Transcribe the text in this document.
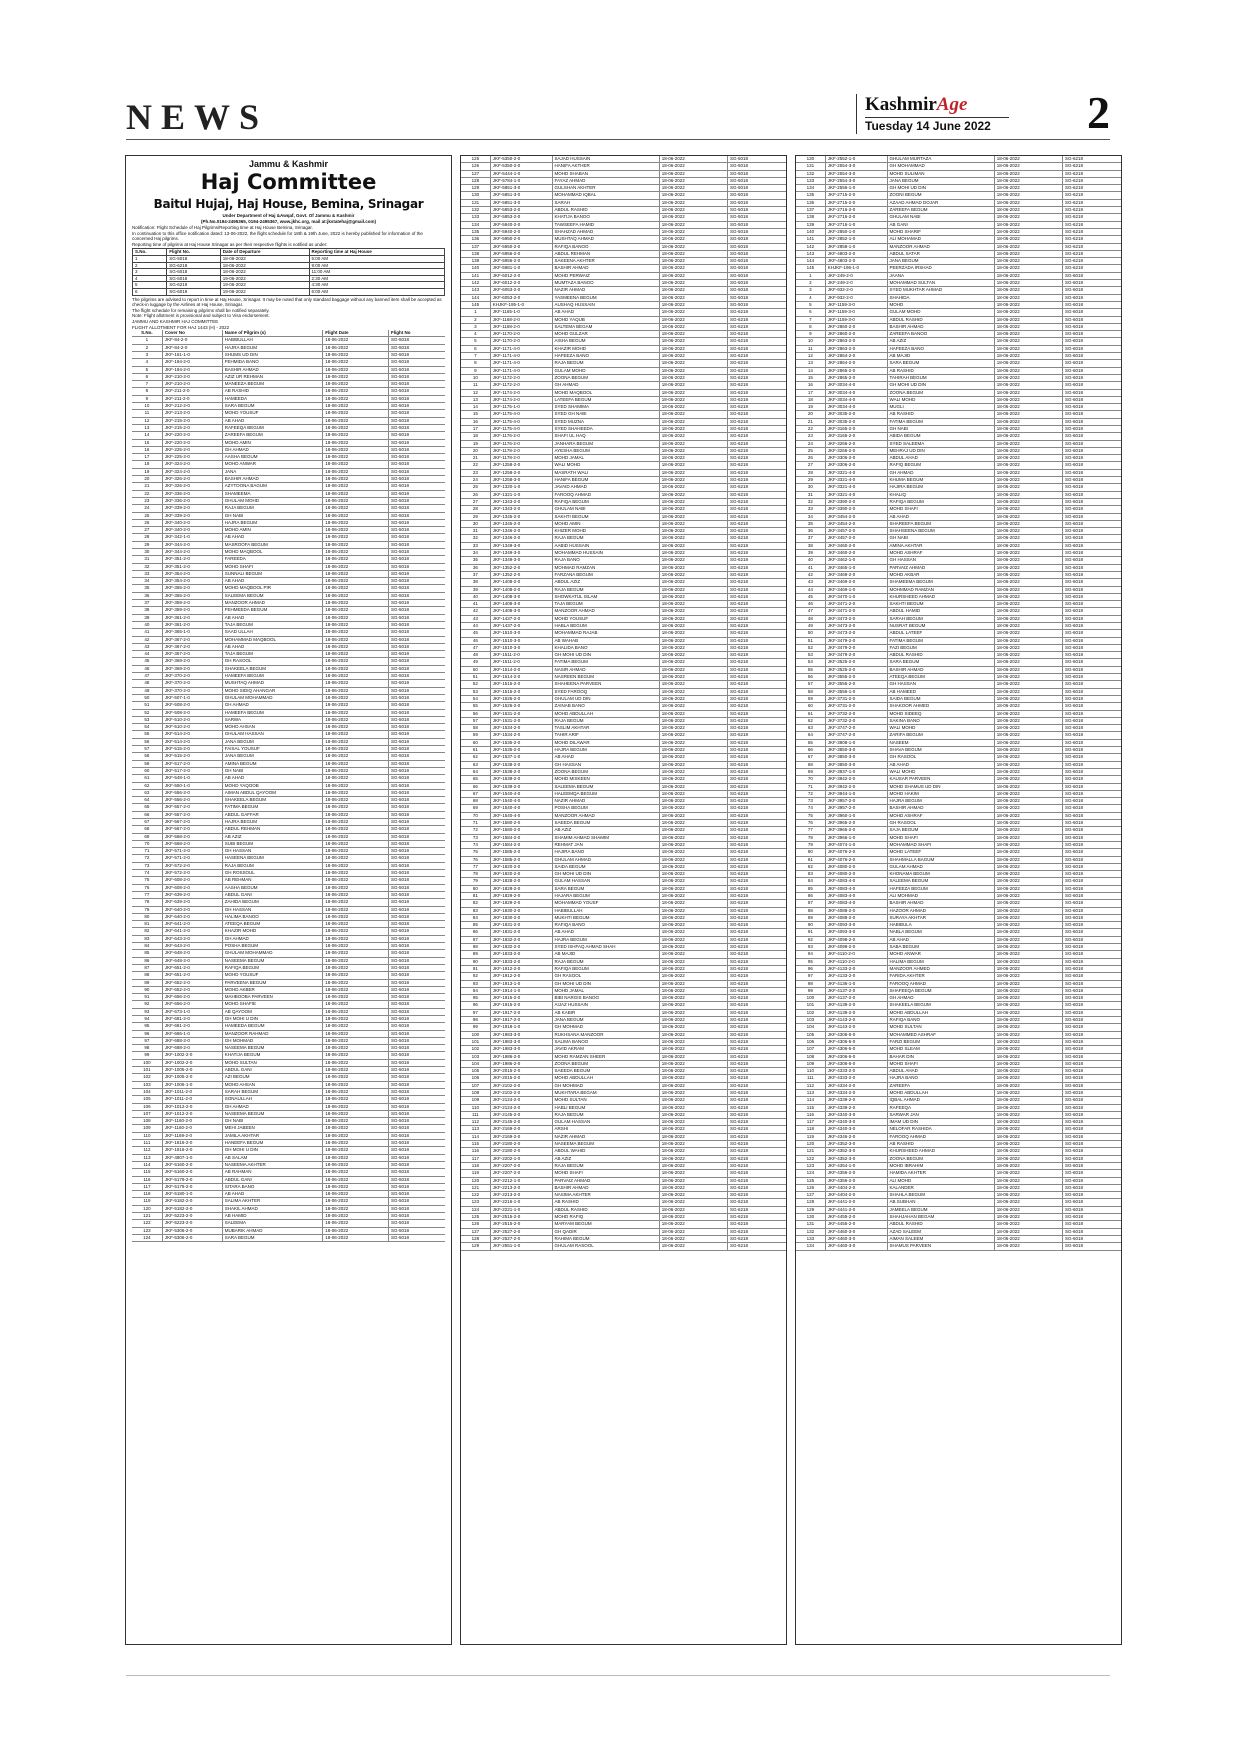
NEWS	KashmirAge
Tuesday 14 June 2022	2
Jammu & Kashmir
Haj Committee
Baitul Hujaj, Haj House, Bemina, Srinagar
Under Department of Haj &Awqaf, Govt. Of Jammu & Kashmir
(Ph.No.0194-2495365, 0194-2495367, www.jkhc.org, mail at:jkstatehaj@gmail.com)
Notification: Flight Schedule of Haj Pilgrims/Reporting time at Haj House Bemina, Srinagar.
In continuation to this office notification dated: 13-06-2022, the flight schedule for 18th & 19th June, 2022 is hereby published for information of the concerned Haj pilgrims.
Reporting time of pilgrims at Haj House Srinagar as per their respective flights is notified as under:
S.No.	Flight No.	Date of Departure	Reporting time at Haj House
1	SG-5018	18-06-2022	5:00 AM
2	SG-6218	18-06-2022	9:00 AM
3	SG-6018	18-06-2022	11:00 AM
4	SG-5018	19-06-2022	2:30 AM
5	SG-6219	19-06-2022	4:30 AM
6	SG-6019	19-06-2022	6:00 AM
The pilgrims are advised to report in time at Haj House, Srinagar. It may be noted that only standard baggage without any banned item shall be accepted as check-in luggage by the Airlines at Haj House, Srinagar.
The flight schedule for remaining pilgrims shall be notified separately.
Note: Flight allotment is provisional and subject to Visa endorsement.
JAMMU AND KASHMIR HAJ COMMITTEE
FLIGHT ALLOTMENT FOR HAJ 1443 (H) - 2022
S.No.	Cover No	Name of Pilgrim (s)	Flight Date	Flight No
1	JKF-84-2-0	HABIBULLAH	18-06-2022	SG-5018
2	JKF-84-2-0	HAJRA BEGUM	18-06-2022	SG-5018
3	JKF-161-1-0	SHUMS UD DIN	18-06-2022	SG-5018
4	JKF-194-2-0	FEHMIDA BANO	18-06-2022	SG-5018
5	JKF-194-2-0	BASHIR AHMAD	18-06-2022	SG-5018
6	JKF-210-2-0	AZIZ UR REHMAN	18-06-2022	SG-5018
7	JKF-210-2-0	MANEEZA BEGUM	18-06-2022	SG-5018
8	JKF-211-2-0	AB RASHID	18-06-2022	SG-5018
9	JKF-211-2-0	HAMEEDA	18-06-2022	SG-5018
10	JKF-212-2-0	SARA BEGUM	18-06-2022	SG-5018
11	JKF-213-2-0	MOHD YOUSUF	18-06-2022	SG-5018
12	JKF-215-2-0	AB AHAD	18-06-2022	SG-5018
13	JKF-215-2-0	RAFEEQA BEGUM	18-06-2022	SG-5018
14	JKF-220-2-0	ZAREEFA BEGUM	18-06-2022	SG-5018
15	JKF-220-2-0	MOHD AMIN	18-06-2022	SG-5018
16	JKF-225-2-0	GH AHMAD	18-06-2022	SG-5018
17	JKF-225-2-0	AASHA BEGUM	18-06-2022	SG-5018
18	JKF-324-2-0	MOHD ANWAR	18-06-2022	SG-5018
19	JKF-324-2-0	JANA	18-06-2022	SG-5018
20	JKF-326-2-0	BASHIR AHMAD	18-06-2022	SG-5018
21	JKF-326-2-0	AZYTOONA BAGUM	18-06-2022	SG-5018
22	JKF-336-2-0	SHAMEEMA	18-06-2022	SG-5018
23	JKF-336-2-0	GHULAM MOHD	18-06-2022	SG-5018
24	JKF-339-2-0	RAJA BEGUM	18-06-2022	SG-5018
25	JKF-339-2-0	GH NABI	18-06-2022	SG-5018
26	JKF-340-2-0	HAJRA BEGUM	18-06-2022	SG-5018
27	JKF-340-2-0	MOHD AMIN	18-06-2022	SG-5018
28	JKF-342-1-0	AB AHAD	18-06-2022	SG-5018
29	JKF-344-2-0	MASROOFA BEGUM	18-06-2022	SG-5018
30	JKF-344-2-0	MOHD MAQBOOL	18-06-2022	SG-5018
31	JKF-351-2-0	FAREEDA	18-06-2022	SG-5018
32	JKF-351-2-0	MOHD SHAFI	18-06-2022	SG-5018
33	JKF-354-2-0	SUNNALI BEGUM	18-06-2022	SG-5018
34	JKF-354-2-0	AB AHAD	18-06-2022	SG-5018
35	JKF-355-2-0	MOHD MAQBOOL PIR	18-06-2022	SG-5018
36	JKF-355-2-0	SALEEMA BEGUM	18-06-2022	SG-5018
37	JKF-359-2-0	MANZOOR AHMAD	18-06-2022	SG-5018
38	JKF-359-2-0	FEHMEEDA BEGUM	18-06-2022	SG-5018
39	JKF-361-2-0	AB AHAD	18-06-2022	SG-5018
40	JKF-361-2-0	TAJA BEGUM	18-06-2022	SG-5018
41	JKF-365-1-0	SAAD ULLAH	18-06-2022	SG-5018
42	JKF-367-2-0	MOHAMMAD MAQBOOL	18-06-2022	SG-5018
43	JKF-367-2-0	AB AHAD	18-06-2022	SG-5018
44	JKF-367-2-0	TAJA BEGUM	18-06-2022	SG-5018
45	JKF-369-2-0	GH RASOOL	18-06-2022	SG-5018
46	JKF-369-2-0	SHAKEELA BEGUM	18-06-2022	SG-5018
47	JKF-370-2-0	HAMEEFA BEGUM	18-06-2022	SG-5018
48	JKF-370-2-0	MUSHTAQ AHMAD	18-06-2022	SG-5018
49	JKF-370-2-0	MOHD SIDIQ AHANGAR	18-06-2022	SG-5018
50	JKF-507-1-0	GHULAM MOHAMMAD	18-06-2022	SG-5018
51	JKF-508-2-0	GH AHMAD	18-06-2022	SG-5018
52	JKF-508-2-0	HAMEEFA BEGUM	18-06-2022	SG-5018
53	JKF-510-2-0	SARWA	18-06-2022	SG-5018
54	JKF-510-2-0	MOHD AHSAN	18-06-2022	SG-5018
55	JKF-514-2-0	GHULAM HASSAN	18-06-2022	SG-5018
56	JKF-514-2-0	JANA BEGUM	18-06-2022	SG-5018
57	JKF-515-2-0	FAISAL YOUSUF	18-06-2022	SG-5018
58	JKF-515-2-0	JANA BEGUM	18-06-2022	SG-5018
59	JKF-517-2-0	AMINA BEGUM	18-06-2022	SG-5018
60	JKF-517-2-0	GH NABI	18-06-2022	SG-5018
61	JKF-548-1-0	AB AHAD	18-06-2022	SG-5018
62	JKF-550-1-0	MOHD YAQOOB	18-06-2022	SG-5018
63	JKF-556-2-0	AIMAN ABDUL QAYOOM	18-06-2022	SG-5018
64	JKF-556-2-0	SHAKEELA BEGUM	18-06-2022	SG-5018
65	JKF-557-2-0	FATIMA BEGUM	18-06-2022	SG-5018
66	JKF-557-2-0	ABDUL GAFFAR	18-06-2022	SG-5018
67	JKF-567-2-0	HAJRA BEGUM	18-06-2022	SG-5018
68	JKF-567-2-0	ABDUL REHMAN	18-06-2022	SG-5018
69	JKF-568-2-0	AB AZIZ	18-06-2022	SG-5018
70	JKF-568-2-0	SUBI BEGUM	18-06-2022	SG-5018
71	JKF-571-2-0	GH HASSAN	18-06-2022	SG-5018
72	JKF-571-2-0	HASEENA BEGUM	18-06-2022	SG-5018
73	JKF-572-2-0	RAJA BEGUM	18-06-2022	SG-5018
74	JKF-572-2-0	GH ROSSOUL	18-06-2022	SG-5018
75	JKF-608-2-0	AB REHMAN	18-06-2022	SG-5018
76	JKF-608-2-0	AASHA BEGUM	18-06-2022	SG-5018
77	JKF-639-2-0	ABDUL GANI	18-06-2022	SG-5018
78	JKF-639-2-0	ZAHIDA BEGUM	18-06-2022	SG-5018
79	JKF-640-2-0	GH HASSAN	18-06-2022	SG-5018
80	JKF-640-2-0	HALIMA BANOO	18-06-2022	SG-5018
81	JKF-641-2-0	ATEEQA BEGUM	18-06-2022	SG-5018
82	JKF-641-2-0	KHAZIR MOHD	18-06-2022	SG-5018
83	JKF-643-2-0	GH AHMAD	18-06-2022	SG-5018
84	JKF-643-2-0	POSHA BEGUM	18-06-2022	SG-5018
85	JKF-648-2-0	GHULAM MOHAMMAD	18-06-2022	SG-5018
86	JKF-648-2-0	NASEEMA BEGUM	18-06-2022	SG-5018
87	JKF-651-2-0	RAFIQA BEGUM	18-06-2022	SG-5018
88	JKF-651-2-0	MOHD YOUSUF	18-06-2022	SG-5018
89	JKF-652-2-0	PARVEENA BEGUM	18-06-2022	SG-5018
90	JKF-652-2-0	MOHD AKBER	18-06-2022	SG-5018
91	JKF-656-2-0	MAHBOOBA PARVEEN	18-06-2022	SG-5018
92	JKF-656-2-0	MOHD SHAFIE	18-06-2022	SG-5018
93	JKF-673-1-0	AB QAYOOM	18-06-2022	SG-5018
94	JKF-681-2-0	GH MOHI U DIN	18-06-2022	SG-5018
95	JKF-681-2-0	HAMEEDA BEGUM	18-06-2022	SG-5018
96	JKF-686-1-0	MANZOOR RAHMAD	18-06-2022	SG-5018
97	JKF-688-2-0	GH MOHMAD	18-06-2022	SG-5018
98	JKF-688-2-0	NASEEMA BEGUM	18-06-2022	SG-5018
99	JKF-1002-2-0	KHATIJA BEGUM	18-06-2022	SG-5018
100	JKF-1002-2-0	MOHD SULTAN	18-06-2022	SG-5018
101	JKF-1005-2-0	ABDUL GANI	18-06-2022	SG-5018
102	JKF-1005-2-0	AZI BEGUM	18-06-2022	SG-5018
103	JKF-1006-1-0	MOHD AHSAN	18-06-2022	SG-5018
104	JKF-1011-2-0	SARAH BEGUM	18-06-2022	SG-5018
105	JKF-1011-2-0	SONAULLAH	18-06-2022	SG-5018
106	JKF-1012-2-0	GH AHMAD	18-06-2022	SG-5018
107	JKF-1012-2-0	NASEEMA BEGUM	18-06-2022	SG-5018
108	JKF-1160-2-0	GH NABI	18-06-2022	SG-5018
109	JKF-1160-2-0	MEHI JABEEN	18-06-2022	SG-5018
110	JKF-1169-2-0	JAMILA AKHTAR	18-06-2022	SG-5018
111	JKF-1816-2-0	HANEEFA BEGUM	18-06-2022	SG-5018
112	JKF-1816-2-0	GH MOHI U DIN	18-06-2022	SG-5018
113	JKF-4807-1-0	AB SALAM	18-06-2022	SG-5018
114	JKF-5160-2-0	NASEEMA AKHTER	18-06-2022	SG-5018
115	JKF-5160-2-0	AB RAHMAN	18-06-2022	SG-5018
116	JKF-5179-2-0	ABDUL GANI	18-06-2022	SG-5018
117	JKF-5179-2-0	SITARA BANO	18-06-2022	SG-5018
118	JKF-5180-1-0	AB AHAD	18-06-2022	SG-5018
119	JKF-5182-2-0	SALIMA AKHTER	18-06-2022	SG-5018
120	JKF-5182-2-0	SHAKIL AHMAD	18-06-2022	SG-5018
121	JKF-5223-2-0	AB HAMID	18-06-2022	SG-5018
122	JKF-5223-2-0	SALEEMA	18-06-2022	SG-5018
123	JKF-5306-2-0	MUBARIK AHMAD	18-06-2022	SG-5018
124	JKF-5306-2-0	SARA BEGUM	18-06-2022	SG-5018
125	JKF-5350-2-0	SAJAD HUSSAIN	18-06-2022	SG-5018
126	JKF-5350-2-0	HANIFA AKTHER	18-06-2022	SG-5018
127	JKF-5444-1-0	MOHD SHABAN	18-06-2022	SG-5018
128	JKF-5784-1-0	FAYAZ AHMAD	18-06-2022	SG-5018
129	JKF-5851-3-0	GULSHAN AKHTER	18-06-2022	SG-5018
130	JKF-5851-3-0	MOHAMMAD IQBAL	18-06-2022	SG-5018
131	JKF-5851-3-0	SARAH	18-06-2022	SG-5018
132	JKF-5853-2-0	ABDUL RASHID	18-06-2022	SG-5018
133	JKF-5853-2-0	KHATIJA BANOO	18-06-2022	SG-5018
134	JKF-5940-2-0	TAWSEEFA HAMID	18-06-2022	SG-5018
135	JKF-5940-2-0	SHAHZAD AHMAD	18-06-2022	SG-5018
136	JKF-5950-2-0	MUSHTAQ AHMAD	18-06-2022	SG-5018
137	JKF-5950-2-0	RAFIQA BANOO	18-06-2022	SG-5018
138	JKF-5956-2-0	ABDUL REHMAN	18-06-2022	SG-5018
139	JKF-5956-2-0	SAKEENA AKHTER	18-06-2022	SG-5018
140	JKF-5981-1-0	BASHIR AHMAD	18-06-2022	SG-5018
141	JKF-6012-2-0	MOHD PERWAIZ	18-06-2022	SG-5018
142	JKF-6012-2-0	MUMTAZA BANOO	18-06-2022	SG-5018
143	JKF-6053-2-0	NAZIR AHMAD	18-06-2022	SG-5018
144	JKF-6053-2-0	YASMEENA BEGUM	18-06-2022	SG-5018
145	KHJKF-195-1-0	AUSHAQ HUSSAIN	18-06-2022	SG-5018
1	JKF-1165-1-0	AB AHAD	18-06-2022	SG-6218
2	JKF-1168-2-0	MOHD YAQUB	18-06-2022	SG-6218
3	JKF-1168-2-0	SALTEMA BEGAM	18-06-2022	SG-6218
4	JKF-1170-2-0	MOHD GULZAR	18-06-2022	SG-6218
5	JKF-1170-2-0	AISHA BEGUM	18-06-2022	SG-6218
6	JKF-1171-4-0	KHAZIR MOHD	18-06-2022	SG-6218
7	JKF-1171-4-0	HAFEEZA BANO	18-06-2022	SG-6218
8	JKF-1171-4-0	RAJA BEGUM	18-06-2022	SG-6218
9	JKF-1171-4-0	GULAM MOHD	18-06-2022	SG-6218
10	JKF-1172-2-0	ZOONA BEGUM	18-06-2022	SG-6218
11	JKF-1172-2-0	GH AHMAD	18-06-2022	SG-6218
12	JKF-1174-2-0	MOHD MAQBOOL	18-06-2022	SG-6218
13	JKF-1174-2-0	LATEEFA BEGUM	18-06-2022	SG-6218
14	JKF-1175-1-0	SYED SHAMIMA	18-06-2022	SG-6218
15	JKF-1175-4-0	SYED GH NABI	18-06-2022	SG-6218
16	JKF-1175-4-0	SYED MUZNA	18-06-2022	SG-6218
17	JKF-1175-4-0	SYED SHAHEEDA	18-06-2022	SG-6218
18	JKF-1176-2-0	SHAFI UL HAQ	18-06-2022	SG-6218
19	JKF-1176-2-0	JANHARA BEGUM	18-06-2022	SG-6218
20	JKF-1178-2-0	AYESHA BEGUM	18-06-2022	SG-6218
21	JKF-1178-2-0	MOHD JAMAL	18-06-2022	SG-6218
22	JKF-1258-2-0	WALI MOHD	18-06-2022	SG-6218
23	JKF-1258-2-0	MASRATH WALI	18-06-2022	SG-6218
24	JKF-1258-3-0	HANIFA BEGUM	18-06-2022	SG-6218
25	JKF-1320-1-0	JAVAID AHMAD	18-06-2022	SG-6218
26	JKF-1321-1-0	FAROOQ AHMAD	18-06-2022	SG-6218
27	JKF-1343-2-0	RAFIQA BEGUM	18-06-2022	SG-6218
28	JKF-1343-2-0	GHULAM NABI	18-06-2022	SG-6218
29	JKF-1345-2-0	SAKHTI BEGUM	18-06-2022	SG-6218
30	JKF-1345-2-0	MOHD AMIN	18-06-2022	SG-6218
31	JKF-1346-2-0	KHIZER MOHD	18-06-2022	SG-6218
32	JKF-1346-2-0	RAJA BEGUM	18-06-2022	SG-6218
33	JKF-1349-3-0	AABID HUSSAIN	18-06-2022	SG-6218
34	JKF-1349-3-0	MOHAMMAD HUSSAIN	18-06-2022	SG-6218
35	JKF-1349-3-0	RAJA BANO	18-06-2022	SG-6218
36	JKF-1352-2-0	MOHMAD RAMZAN	18-06-2022	SG-6218
37	JKF-1352-2-0	FARZANA BEGUM	18-06-2022	SG-6218
38	JKF-1408-2-0	ABDUL AZIZ	18-06-2022	SG-6218
39	JKF-1408-2-0	RAJA BEGUM	18-06-2022	SG-6218
40	JKF-1408-3-0	SHOWKATUL ISLAM	18-06-2022	SG-6218
41	JKF-1408-3-0	TAJA BEGUM	18-06-2022	SG-6218
42	JKF-1408-3-0	MANZOOR AHMAD	18-06-2022	SG-6218
43	JKF-1437-2-0	MOHD YOUSUF	18-06-2022	SG-6218
44	JKF-1437-2-0	HABLA BEGUM	18-06-2022	SG-6218
45	JKF-1510-3-0	MOHAMMAD RAJAB	18-06-2022	SG-6218
46	JKF-1510-3-0	AB WAHAB	18-06-2022	SG-6218
47	JKF-1510-3-0	KHALIDA BANO	18-06-2022	SG-6218
48	JKF-1511-2-0	GH MOHI UD DIN	18-06-2022	SG-6218
49	JKF-1511-2-0	FATIMA BEGUM	18-06-2022	SG-6218
50	JKF-1514-2-0	NASIR AHMAD	18-06-2022	SG-6218
51	JKF-1514-2-0	NASREEN BEGUM	18-06-2022	SG-6218
52	JKF-1515-2-0	SHAHEENA PARVEEN	18-06-2022	SG-6218
53	JKF-1515-2-0	SYED FAROOQ	18-06-2022	SG-6218
54	JKF-1526-2-0	GHULAM UD DIN	18-06-2022	SG-6218
55	JKF-1526-2-0	ZAINAB BANO	18-06-2022	SG-6218
56	JKF-1531-2-0	MOHD ABDULLAH	18-06-2022	SG-6218
57	JKF-1531-2-0	RAJA BEGUM	18-06-2022	SG-6218
58	JKF-1534-2-0	TASLIM AKHTAR	18-06-2022	SG-6218
59	JKF-1534-2-0	TAHIR ARIF	18-06-2022	SG-6218
60	JKF-1535-2-0	MOHD DILAWAR	18-06-2022	SG-6218
61	JKF-1535-2-0	HAJRA BEGUM	18-06-2022	SG-6218
62	JKF-1537-1-0	AB AHAD	18-06-2022	SG-6218
63	JKF-1538-2-0	GH HASSAN	18-06-2022	SG-6218
64	JKF-1538-2-0	ZOONA BEGUM	18-06-2022	SG-6218
65	JKF-1539-2-0	MOHD MISKEEN	18-06-2022	SG-6218
66	JKF-1539-2-0	SALEEMA BEGUM	18-06-2022	SG-6218
67	JKF-1540-4-0	HALEEMQA BEGUM	18-06-2022	SG-6218
68	JKF-1540-4-0	NAZIR AHMAD	18-06-2022	SG-6218
69	JKF-1540-4-0	POSHA BEGUM	18-06-2022	SG-6218
70	JKF-1540-4-0	MANZOOR AHMAD	18-06-2022	SG-6218
71	JKF-1580-2-0	SAEEDA BEGUM	18-06-2022	SG-6218
72	JKF-1580-2-0	AB AZIZ	18-06-2022	SG-6218
73	JKF-1584-2-0	SHAMIM AHMAD SHAMIM	18-06-2022	SG-6218
74	JKF-1584-2-0	REHMAT JAN	18-06-2022	SG-6218
75	JKF-1585-2-0	HAJIRA BANO	18-06-2022	SG-6218
76	JKF-1585-2-0	GHULAM AHMAD	18-06-2022	SG-6218
77	JKF-1820-2-0	SAIDA BEGUM	18-06-2022	SG-6218
78	JKF-1820-2-0	GH MOHI UD DIN	18-06-2022	SG-6218
79	JKF-1828-2-0	GULAM HASSAN	18-06-2022	SG-6218
80	JKF-1828-2-0	SARA BEGUM	18-06-2022	SG-6218
81	JKF-1829-2-0	HAJARA BEGUM	18-06-2022	SG-6218
82	JKF-1829-2-0	MOHAMMAD YOUSF	18-06-2022	SG-6218
83	JKF-1830-2-0	HABIBULLAH	18-06-2022	SG-6218
84	JKF-1830-2-0	MUKHTI BEGUM	18-06-2022	SG-6218
85	JKF-1831-2-0	RAFIQA BANO	18-06-2022	SG-6218
86	JKF-1831-2-0	AB AHAD	18-06-2022	SG-6218
87	JKF-1832-2-0	HAJRA BEGUM	18-06-2022	SG-6218
88	JKF-1832-2-0	SYED ISHFAQ AHMAD SHAH	18-06-2022	SG-6218
89	JKF-1833-2-0	AB MAJID	18-06-2022	SG-6218
90	JKF-1833-2-0	RAJA BEGUM	18-06-2022	SG-6218
91	JKF-1912-2-0	RAFIQA BEGUM	18-06-2022	SG-6218
92	JKF-1912-2-0	GH RASOOL	18-06-2022	SG-6218
93	JKF-1913-1-0	GH MOHI UD DIN	18-06-2022	SG-6218
94	JKF-1914-1-0	MOHD JAMAL	18-06-2022	SG-6218
95	JKF-1915-2-0	BIBI NARGIS BANOO	18-06-2022	SG-6218
96	JKF-1915-2-0	AIJAZ HUSSAIN	18-06-2022	SG-6218
97	JKF-1917-2-0	AB KABIR	18-06-2022	SG-6218
98	JKF-1917-2-0	JANA BEGUM	18-06-2022	SG-6218
99	JKF-1918-1-0	GH MOHMAD	18-06-2022	SG-6218
100	JKF-1983-3-0	RUKHSANA MANZOOR	18-06-2022	SG-6218
101	JKF-1983-3-0	SALIMA BANOO	18-06-2022	SG-6218
102	JKF-1983-3-0	JAVID AKRAM	18-06-2022	SG-6218
103	JKF-1986-2-0	MOHD RAMZAN SHEER	18-06-2022	SG-6218
104	JKF-1986-2-0	ZOONA BEGUM	18-06-2022	SG-6218
105	JKF-2015-2-0	SAEEDA BEGUM	18-06-2022	SG-6218
106	JKF-2015-2-0	MOHD ABDULLAH	18-06-2022	SG-6218
107	JKF-2102-2-0	GH MOHMAD	18-06-2022	SG-6218
108	JKF-2102-2-0	MUKHTARA BEGAM	18-06-2022	SG-6218
109	JKF-2124-2-0	MOHD SULTAN	18-06-2022	SG-6218
110	JKF-2124-2-0	HABLI BEGUM	18-06-2022	SG-6218
111	JKF-2145-2-0	RAJA BEGUM	18-06-2022	SG-6218
112	JKF-2145-2-0	GULAM HASSAN	18-06-2022	SG-6218
113	JKF-2169-2-0	ARSHI	18-06-2022	SG-6218
114	JKF-2169-2-0	NAZIR AHMAD	18-06-2022	SG-6218
115	JKF-2180-2-0	NASEEMA BEGUM	18-06-2022	SG-6218
116	JKF-2180-2-0	ABDUL WAHID	18-06-2022	SG-6218
117	JKF-2202-1-0	AB AZIZ	18-06-2022	SG-6218
118	JKF-2207-2-0	RAJA BEGUM	18-06-2022	SG-6218
119	JKF-2207-2-0	MOHD SHAFI	18-06-2022	SG-6218
120	JKF-2212-1-0	PARVAIZ AHMAD	18-06-2022	SG-6218
121	JKF-2213-2-0	BASHIR AHMAD	18-06-2022	SG-6218
122	JKF-2213-2-0	NASIMA AKHTER	18-06-2022	SG-6218
123	JKF-2216-1-0	AB RASHID	18-06-2022	SG-6218
124	JKF-2221-1-0	ABDUL RASHID	18-06-2022	SG-6218
125	JKF-2515-2-0	MOHD RAFIQ	18-06-2022	SG-6218
126	JKF-2515-2-0	MARYAM BEGUM	18-06-2022	SG-6218
127	JKF-2527-2-0	GH QADIR	18-06-2022	SG-6218
128	JKF-2527-2-0	RAHIMA BEGUM	18-06-2022	SG-6218
129	JKF-2551-1-0	GHULAM RASOOL	18-06-2022	SG-6218
130	JKF-2552-1-0	GHULAM MURTAZA	18-06-2022	SG-6218
131	JKF-2554-3-0	GH MOHAMMAD	18-06-2022	SG-6218
132	JKF-2554-3-0	MOHD SULIMAN	18-06-2022	SG-6218
133	JKF-2554-3-0	JANA BEGUM	18-06-2022	SG-6218
134	JKF-2556-1-0	GH MOHI UD DIN	18-06-2022	SG-6218
135	JKF-2715-2-0	ZOONI BEGUM	18-06-2022	SG-6218
136	JKF-2715-2-0	AZAAD AHMAD DOJAR	18-06-2022	SG-6218
137	JKF-2716-2-0	ZAREEFA BEGUM	18-06-2022	SG-6218
138	JKF-2716-2-0	GHULAM NABI	18-06-2022	SG-6218
139	JKF-2716-1-0	AB GANI	18-06-2022	SG-6218
140	JKF-2850-1-0	MOHD SHARIF	18-06-2022	SG-6218
141	JKF-2852-1-0	ALI MOHAMAD	18-06-2022	SG-6218
142	JKF-2858-1-0	MANZOOR AHMAD	18-06-2022	SG-6218
143	JKF-4803-2-0	ABDUL SATAR	18-06-2022	SG-6218
144	JKF-4803-2-0	JANA BEGUM	18-06-2022	SG-6218
145	KHJKF-196-1-0	PEERZADA IRSHAD	18-06-2022	SG-6218
1	JKF-249-2-0	JAANA	18-06-2022	SG-6018
2	JKF-249-2-0	MOHAMMAD SULTAN	18-06-2022	SG-6018
3	JKF-932-2-0	SYED MUKHTAR AHMAD	18-06-2022	SG-6018
4	JKF-932-2-0	SHAHIDA	18-06-2022	SG-6018
5	JKF-1159-3-0	MOHD	18-06-2022	SG-6018
6	JKF-1159-3-0	GULAM MOHD	18-06-2022	SG-6018
7	JKF-1159-3-0	ABDUL RASHID	18-06-2022	SG-6018
8	JKF-2860-2-0	BASHIR AHMAD	18-06-2022	SG-6018
9	JKF-2860-2-0	ZAREEFA BANOO	18-06-2022	SG-6018
10	JKF-2863-2-0	AB AZIZ	18-06-2022	SG-6018
11	JKF-2863-2-0	HAFEEZA BANO	18-06-2022	SG-6018
12	JKF-2864-2-0	AB MAJID	18-06-2022	SG-6018
13	JKF-2864-2-0	SARA BEGUM	18-06-2022	SG-6018
14	JKF-2865-2-0	AB RASHID	18-06-2022	SG-6018
15	JKF-2865-2-0	TAHIRAH BEGUM	18-06-2022	SG-6018
16	JKF-3034-4-0	GH MOHI UD DIN	18-06-2022	SG-6018
17	JKF-3034-4-0	ZOONA BEGUM	18-06-2022	SG-6018
18	JKF-3034-4-0	WALI MOHD	18-06-2022	SG-6018
19	JKF-3034-4-0	MUGLI	18-06-2022	SG-6018
20	JKF-3035-2-0	AB RASHID	18-06-2022	SG-6018
21	JKF-3035-2-0	FATIMA BEGUM	18-06-2022	SG-6018
22	JKF-3165-2-0	GH NABI	18-06-2022	SG-6018
23	JKF-3165-2-0	ABIDA BEGUM	18-06-2022	SG-6018
24	JKF-3266-2-0	SYED SALEEMA	18-06-2022	SG-6018
25	JKF-3266-2-0	MEHRAJ UD DIN	18-06-2022	SG-6018
26	JKF-3306-2-0	ABDUL AHAD	18-06-2022	SG-6018
27	JKF-3306-2-0	RAFIQ BEGUM	18-06-2022	SG-6018
28	JKF-3321-4-0	GH AHMAD	18-06-2022	SG-6018
29	JKF-3321-4-0	KHUMA BEGUM	18-06-2022	SG-6018
30	JKF-3321-4-0	HAJIRA BEGUM	18-06-2022	SG-6018
31	JKF-3321-4-0	KHALIQ	18-06-2022	SG-6018
32	JKF-3390-2-0	RAFIQA BEGUM	18-06-2022	SG-6018
33	JKF-3390-2-0	MOHD SHAFI	18-06-2022	SG-6018
34	JKF-3454-2-0	AB AHAD	18-06-2022	SG-6018
35	JKF-3454-2-0	SHAREEFA BEGUM	18-06-2022	SG-6018
36	JKF-3457-2-0	SHAHSEENA BEGUM	18-06-2022	SG-6018
37	JKF-3457-2-0	GH NABI	18-06-2022	SG-6018
38	JKF-3460-2-0	AMINA AKHTAR	18-06-2022	SG-6018
39	JKF-3460-2-0	MOHD ASHRAF	18-06-2022	SG-6018
40	JKF-3462-1-0	GH HASSAN	18-06-2022	SG-6018
41	JKF-3465-1-0	PARVAIZ AHMAD	18-06-2022	SG-6018
42	JKF-3469-2-0	MOHD AKBAR	18-06-2022	SG-6018
43	JKF-3469-2-0	SHAMEEMA BEGUM	18-06-2022	SG-6018
44	JKF-3469-1-0	MOHMMAD RAMZAN	18-06-2022	SG-6018
45	JKF-3470-1-0	KHURSHEED AHMAD	18-06-2022	SG-6018
46	JKF-3471-2-0	SAKHTI BEGUM	18-06-2022	SG-6018
47	JKF-3471-2-0	ABDUL HAMID	18-06-2022	SG-6018
48	JKF-3473-2-0	SARAH BEGUM	18-06-2022	SG-6018
49	JKF-3473-2-0	NUSRAT BEGUM	18-06-2022	SG-6018
50	JKF-3473-2-0	ABDUL LATEEF	18-06-2022	SG-6018
51	JKF-3479-2-0	FATIMA BEGUM	18-06-2022	SG-6018
52	JKF-3479-2-0	FAZI BEGUM	18-06-2022	SG-6018
53	JKF-3479-2-0	ABDUL RASHID	18-06-2022	SG-6018
54	JKF-3525-2-0	SARA BEGUM	18-06-2022	SG-6018
55	JKF-3525-2-0	BASHIR AHMAD	18-06-2022	SG-6018
56	JKF-3555-2-0	ATEEQA BEGUM	18-06-2022	SG-6018
57	JKF-3555-2-0	GH HASSAN	18-06-2022	SG-6018
58	JKF-3556-1-0	AB HAMEED	18-06-2022	SG-6018
59	JKF-3731-2-0	SAIDA BEGUM	18-06-2022	SG-6018
60	JKF-3731-2-0	SHAKOOR AHMED	18-06-2022	SG-6018
61	JKF-3732-2-0	MOHD SIDEEQ	18-06-2022	SG-6018
62	JKF-3732-2-0	SAKINA BANO	18-06-2022	SG-6018
63	JKF-3747-2-0	WALI MOHD	18-06-2022	SG-6018
64	JKF-3747-2-0	ZARIFA BEGUM	18-06-2022	SG-6018
65	JKF-3808-1-0	NASEEM	18-06-2022	SG-6018
66	JKF-3850-3-0	SHAVA BEGUM	18-06-2022	SG-6018
67	JKF-3850-3-0	GH RASOOL	18-06-2022	SG-6018
68	JKF-3850-3-0	AB AHAD	18-06-2022	SG-6018
69	JKF-3937-1-0	WALI MOHD	18-06-2022	SG-6018
70	JKF-3942-2-0	KAUSAR PARVEEN	18-06-2022	SG-6018
71	JKF-3942-2-0	MOHD SHAMUS UD DIN	18-06-2022	SG-6018
72	JKF-3944-1-0	MOHD HAKIM	18-06-2022	SG-6018
73	JKF-3957-2-0	HAJRA BEGUM	18-06-2022	SG-6018
74	JKF-3957-2-0	BASHIR AHMAD	18-06-2022	SG-6018
75	JKF-3960-1-0	MOHD ASHRAF	18-06-2022	SG-6018
76	JKF-3965-2-0	GH RASOOL	18-06-2022	SG-6018
77	JKF-3965-2-0	SAJA BEGUM	18-06-2022	SG-6018
78	JKF-3966-1-0	MOHD SHAFI	18-06-2022	SG-6018
79	JKF-4074-1-0	MOHAMMAD SHAFI	18-06-2022	SG-6018
80	JKF-4076-2-0	MOHD LATEEF	18-06-2022	SG-6018
81	JKF-4076-2-0	SHAHMALLA BAGUM	18-06-2022	SG-6018
82	JKF-4080-2-0	GULAM AHMAD	18-06-2022	SG-6018
83	JKF-4080-2-0	KHONAMA BEGUM	18-06-2022	SG-6018
84	JKF-4083-4-0	SALEEMA BEGUM	18-06-2022	SG-6018
85	JKF-4083-4-0	HAFEEZA BEGUM	18-06-2022	SG-6018
86	JKF-4083-4-0	ALI MOHMAD	18-06-2022	SG-6018
87	JKF-4083-4-0	BASHIR AHMAD	18-06-2022	SG-6018
88	JKF-4088-2-0	HAZOOR AHMAD	18-06-2022	SG-6018
89	JKF-4088-2-0	SURAYA AKHTAR	18-06-2022	SG-6018
90	JKF-4093-3-0	HABIBULA	18-06-2022	SG-6018
91	JKF-4093-3-0	NABLA BEGUM	18-06-2022	SG-6018
92	JKF-4098-2-0	AB AHAD	18-06-2022	SG-6018
93	JKF-4098-2-0	SABA BEGUM	18-06-2022	SG-6018
94	JKF-4110-2-0	MOHD ANWAR	18-06-2022	SG-6018
95	JKF-4110-2-0	HALIMA BEGUM	18-06-2022	SG-6018
96	JKF-4133-2-0	MANZOOR AHMED	18-06-2022	SG-6018
97	JKF-4133-2-0	FARIDA AKHTER	18-06-2022	SG-6018
98	JKF-4136-1-0	FAROOQ AHMAD	18-06-2022	SG-6018
99	JKF-4137-2-0	SHAFEEQA BEGUM	18-06-2022	SG-6018
100	JKF-4137-2-0	GH AHMAD	18-06-2022	SG-6018
101	JKF-4139-2-0	SHAKEELA BEGUM	18-06-2022	SG-6018
102	JKF-4139-2-0	MOHD ABDULLAH	18-06-2022	SG-6018
103	JKF-4143-2-0	RAFIQA BANO	18-06-2022	SG-6018
104	JKF-4143-2-0	MOHD SULTAN	18-06-2022	SG-6018
105	JKF-4306-5-0	MOHAMMED ASHRAF	18-06-2022	SG-6018
106	JKF-4306-5-0	FARZI BEGUM	18-06-2022	SG-6018
107	JKF-4306-5-0	MOHD SLEAM	18-06-2022	SG-6018
108	JKF-4306-5-0	BAHAR DIN	18-06-2022	SG-6018
109	JKF-4306-5-0	MOHD SHAFI	18-06-2022	SG-6018
110	JKF-4333-2-0	ABDUL AHAD	18-06-2022	SG-6018
111	JKF-4333-2-0	HAJRA BANO	18-06-2022	SG-6018
112	JKF-4334-2-0	ZAREEFA	18-06-2022	SG-6018
113	JKF-4334-2-0	MOHD ABDULLAH	18-06-2022	SG-6018
114	JKF-4339-2-0	IQBAL AHMAD	18-06-2022	SG-6018
115	JKF-4339-2-0	RAFEEQA	18-06-2022	SG-6018
116	JKF-4340-3-0	SARWAR JAN	18-06-2022	SG-6018
117	JKF-4340-3-0	IMAM UD DIN	18-06-2022	SG-6018
118	JKF-4340-3-0	NELOFAR RASHIDA	18-06-2022	SG-6018
119	JKF-4346-2-0	FAROOQ AHMAD	18-06-2022	SG-6018
120	JKF-4352-3-0	AB RASHID	18-06-2022	SG-6018
121	JKF-4352-3-0	KHURSHEED AHMAD	18-06-2022	SG-6018
122	JKF-4352-3-0	ZOONA BEGUM	18-06-2022	SG-6018
123	JKF-4354-1-0	MOHD IBRAHIM	18-06-2022	SG-6018
124	JKF-4356-2-0	HAMIDA AKHTER	18-06-2022	SG-6018
125	JKF-4356-2-0	ALI MOHD	18-06-2022	SG-6018
126	JKF-4404-2-0	KALANDER	18-06-2022	SG-6018
127	JKF-4404-2-0	SHAHLA BEGUM	18-06-2022	SG-6018
128	JKF-4441-2-0	AB SUBHAN	18-06-2022	SG-6018
129	JKF-4441-2-0	JAMEELA BEGUM	18-06-2022	SG-6018
130	JKF-4455-2-0	SHAHJAHAN BEGAM	18-06-2022	SG-6018
131	JKF-4455-2-0	ABDUL RASHID	18-06-2022	SG-6018
132	JKF-4460-3-0	AZAD SALEEM	18-06-2022	SG-6018
133	JKF-4460-3-0	AIMAN SALEEM	18-06-2022	SG-6018
134	JKF-4460-3-0	SHAMUS PARVEEN	18-06-2022	SG-6018
